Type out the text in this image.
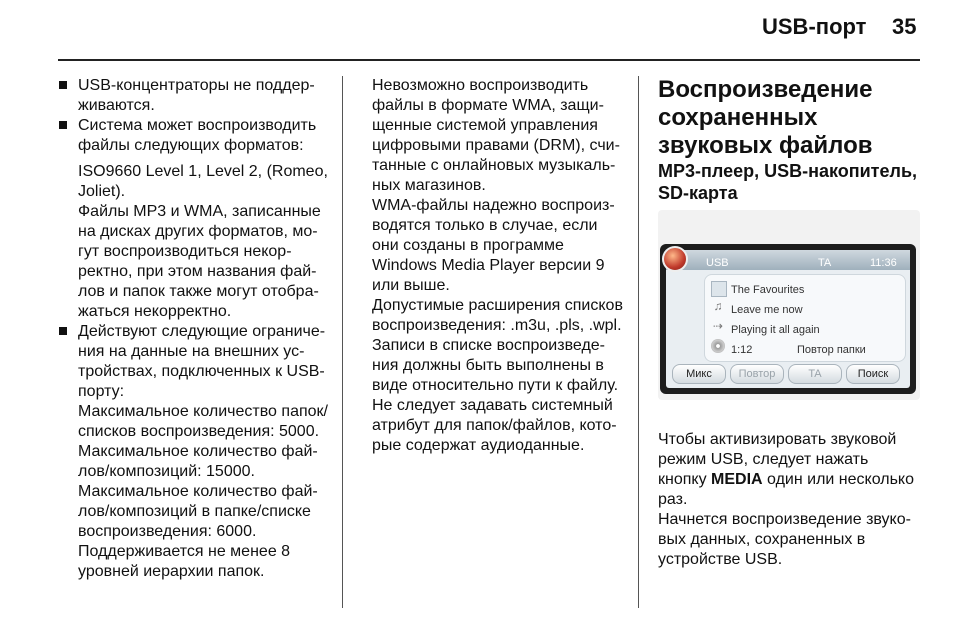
USB-порт 35

USB-концентраторы не поддерживаются.

Система может воспроизводить файлы следующих форматов:

ISO9660 Level 1, Level 2, (Romeo, Joliet).

Файлы MP3 и WMA, записанные на дисках других форматов, могут воспроизводиться некорректно, при этом названия файлов и папок также могут отображаться некорректно.

Действуют следующие ограничения на данные на внешних устройствах, подключенных к USB-порту:

Максимальное количество папок/списков воспроизведения: 5000.

Максимальное количество файлов/композиций: 15000.

Максимальное количество файлов/композиций в папке/списке воспроизведения: 6000.

Поддерживается не менее 8 уровней иерархии папок.

Невозможно воспроизводить файлы в формате WMA, защищенные системой управления цифровыми правами (DRM), считанные с онлайновых музыкальных магазинов.

WMA-файлы надежно воспроизводятся только в случае, если они созданы в программе Windows Media Player версии 9 или выше.

Допустимые расширения списков воспроизведения: .m3u, .pls, .wpl.

Записи в списке воспроизведения должны быть выполнены в виде относительно пути к файлу.

Не следует задавать системный атрибут для папок/файлов, которые содержат аудиоданные.

Воспроизведение сохраненных звуковых файлов

MP3-плеер, USB-накопитель, SD-карта

USB	TA	11:36
The Favourites
♫ Leave me now
⇢ Playing it all again
1:12	Повтор папки
Микс	Повтор	TA	Поиск

Чтобы активизировать звуковой режим USB, следует нажать кнопку MEDIA один или несколько раз.

Начнется воспроизведение звуковых данных, сохраненных в устройстве USB.
